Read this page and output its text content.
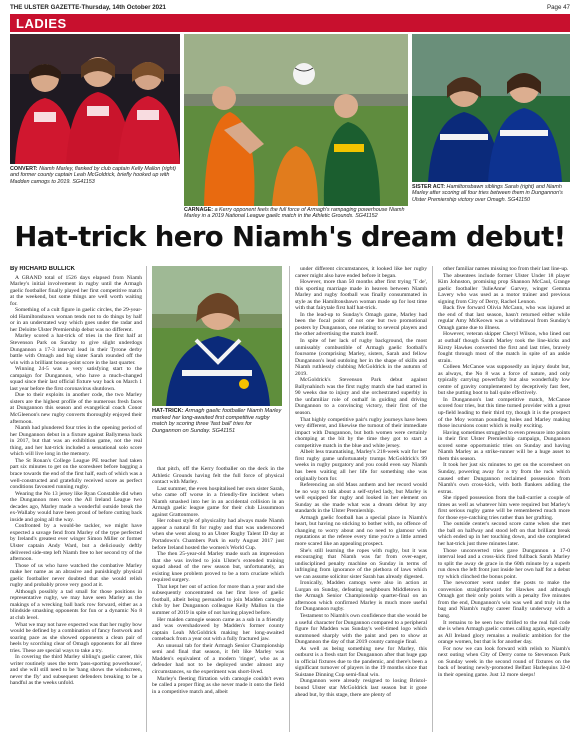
THE ULSTER GAZETTE-Thursday, 14th October 2021	Page 47
LADIES
CONVERT: Niamh Marley, flanked by club captain Kelly Mallon (right) and former county captain Leah McGoldrick, briefly hooked up with Madden camogs to 2019. SG41153
CARNAGE: a Kerry opponent feels the full force of Armagh's rampaging powerhouse Niamh Marley in a 2019 National League gaelic match in the Athletic Grounds. SG41152
SISTER ACT: Hamiltonsbawn siblings Sarah (right) and Niamh Marley after scoring all four tries between them in Dungannon's Ulster Premiership victory over Omagh. SG41150
Hat-trick hero Niamh's dream debut!

By RICHARD BULLICK

A GRAND total of 1526 days elapsed from Niamh Marley's initial involvement in rugby until the Armagh gaelic footballer finally played her first competitive match at the weekend, but some things are well worth waiting for.

Something of a cult figure in gaelic circles, the 29-year-old Hamiltonsbawn woman tends not to do things by half or in an understated way which goes under the radar and her Deloitte Ulster Premiership debut was no different.

Marley scored a hat-trick of tries in the first half at Stevenson Park on Sunday to give slight underdogs Dungannon a 17-3 interval lead in their Tyrone derby battle with Omagh and big sister Sarah rounded off the win with a brilliant bonus-point score in the last quarter.

Winning 24-5 was a very satisfying start to the campaign for Dungannon, who have a much-changed squad since their last official fixture way back on March 1 last year before the first coronavirus shutdown.

Due to their exploits in another code, the two Marley sisters are the highest profile of the numerous fresh faces at Dungannon this season and evangelical coach Conor McGleenon's new rugby converts thoroughly enjoyed their afternoon.

Niamh had plundered four tries in the opening period of her Dungannon debut in a fixture against Ballymena back in 2017, but that was an exhibition game, not the real thing, and her hat-trick included a sensational solo score which will live long in the memory.

The St Ronan's College League PE teacher had taken part six minutes to get on the scoresheet before bagging a brace towards the end of the first half, each of which was a well-constructed and gratefully received score as perfect conditions favoured running rugby.

Wearing the No 13 jersey like Ryan Constable did when the Dungannon men won the All Ireland League two decades ago, Marley made a wonderful outside break the ex-Wallaby would have been proud of before cutting back inside and going all the way.

Confronted by a would-be tackler, we might have expected a savage fend from Marley of the type perfected by Ireland's greatest ever winger Simon Miller or former Ulster captain Andy Ward, but a deliciously deftly delivered side-step left Niamh free to her second try of the afternoon.

Those of us who have watched the combative Marley make her name as an abrasive and punishingly physical gaelic footballer never doubted that she would relish rugby and probably prove very good at it.

Although possibly a tad small for those positions in representative rugby, we may have seen Marley as the makings of a wrecking ball back row forward, either as a blindside smashing opponents for fun or a dynamic No 8 at club level.

What we may not have expected was that her rugby bow would be defined by a combination of fancy footwork and soaring pace as she showed opponents a clean pair of heels by scorching clear of Omagh opponents for all three tries. These are special ways to take a try.

In covering the third Marley sibling's gaelic career, this writer routinely uses the term 'pass-sporting powerhouse', and she will still need to be 'bang shows the windscreen, never the fly' and subsequent defenders breaking to be a handful as the weeks unfold.

HAT-TRICK: Armagh gaelic footballer Niamh Marley marked her long-awaited first competitive rugby match by scoring three 'fast ball' tries for Dungannon on Sunday. SG41151

that pitch, off the Kerry footballer on the deck in the Athletic Grounds having felt the full force of physical contact with Marley.

Last summer, the even hospitalised her own sister Sarah, who came off worse in a friendly-fire incident when Niamh smashed into her in an accidental collision in an Armagh gaelic league game for their club Lissummon against Grattonmore.

Her robust style of physicality had always made Niamh appear a natural fit for rugby and that was underscored when she went along to an Ulster Rugby Talent ID day at Portadown's Chambers Park in early August 2017 just before Ireland hosted the women's World Cup.

The then 25-year-old Marley made such an impression that she was invited to join Ulster's extended training squad ahead of the new season but, unfortunately, an existing knee problem proved to be a torn cruciate which required surgery.

That kept her out of action for more than a year and she subsequently concentrated on her first love of gaelic football, albeit being persuaded to join Madden camogie club by her Dungannon colleague Kelly Mallon in the summer of 2019 in spite of not having played before.

Her maiden camogie season came as a sub in a friendly and was overshadowed by Madden's former county captain Leah McGoldrick making her long-awaited comeback from a year out with a fully fractured jaw.

An unusual tab for their Armagh Senior Championship semi and final that season, it felt like Marley was Madden's equivalent of a modern 'ringer', who as a defender had not to be deployed under almost any circumstances, so the experiment was short-lived.

Marley's fleeting flirtation with camogie couldn't even be called a proper fling as she never made it onto the field in a competitive match and, albeit

under different circumstances, it looked like her rugby career might also have ended before it began.

However, more than 50 months after first trying 'T de', this sporting marriage made in heaven between Niamh Marley and rugby football was finally consummated in style as the Hamiltonsbawn woman made up for lost time with that fairytale first half hat-trick.

In the lead-up to Sunday's Omagh game, Marley had been the focal point of not one but two promotional posters by Dungannon, one relating to several players and the other advertising the match itself.

In spite of her lack of rugby background, the most unmissably combustible of Armagh gaelic football's foursome (comprising Marley, sisters, Sarah and fellow Dungannon's lead outdoing her in the shape of skills and Niamh ruthlessly clubbing McGoldrick in the autumn of 2019.

McGoldrick's Stevenson Park debut against Ballynahinch was the first rugby match she had started in 90 weeks due to injury and she orchestrated superbly in the unfamiliar role of outhalf in guiding and driving Dungannon to a convincing victory, their first of the season.

That highly competitive pair's rugby journeys have been very different, and likewise the turnout of their immediate impact with Dungannon, but both women were certainly chomping at the bit by the time they got to start a competitive match in the blue and white jersey.

Albeit less traumatising, Marley's 218-week wait for her first rugby game unfortunately trumps McGoldrick's 99 weeks in rugby purgatory and you could even say Niamh has been waiting all her life for something she was originally born for.

Referencing an old Mass anthem and her record would be no way to talk about a self-styled lady, but Marley is well equipped for rugby and looked in her element on Sunday as she made what was a dream debut by any standards in the Ulster Premiership.

Armagh gaelic football has a special place in Niamh's heart, but having no sticking to bother with, no offence of changing to worry about and no need to glamour with reputations at the referee every time you're a little armed more scared like an appealing prospect.

She's still learning the ropes with rugby, but it was encouraging that Niamh was far from over-eager, undisciplined penalty machine on Sunday in terms of infringing from ignorance of the plethora of laws which we can assume solicitor sister Sarah has already digested.

Ironically, Madden camogs were also in action at Lurgan on Sunday, defeating neighbours Middletown in the Armagh Senior Championship quarter-final on an afternoon which confirmed Marley is much more useful for Dungannon rugby.

Testament to Niamh's own confidence that she would be a useful character for Dungannon compared to a peripheral figure for Madden was Sunday's well-timed logo which summoned sharply with the paint and pen to show at Dungannon the day of that 2019 county camogie final.

As well as being something new for Marley, this outburst is a fresh start for Dungannon after that huge gap in official fixtures due to the pandemic, and there's been a significant turnover of players in the 19 months since that Suistane Dinning Cup semi-final win.

Dungannon were already resigned to losing Bristol-bound Ulster star McGoldrick last season but it gone ahead but, by this stage, there are plenty of

other familiar names missing too from their last line-up.

The absentees include former Ulster Under 18 player Kim Johnston, promising prop Shannon McCaul, Grange gaelic footballer 'JulieAnne' Garvey, winger Gemma Lavery who was used as a motor trainer and previous signing from City of Derry, Rachel Lennon.

Back five forward Olivia McCann, who was injured at the end of that last season, hasn't returned either while regular Amy McKeown was a withdrawal from Sunday's Omagh game due to illness.

However, veteran skipper Cheryl Wilson, who lined out at outhalf though Sarah Marley took the line-kicks and Kirsty Hawkes converted the first and last tries, bravely fought through most of the match in spite of an ankle strain.

Colleen McCanoe was supposedly an injury doubt but, as always, the No 8 was a force of nature, and only typically carrying powerfully but also wonderfully low centre of gravity complemented by deceptively fast feet, but she putting boot to ball quite effectively.

In Dungannon's last competitive match, McCanoe scored four tries, but this time turned provider with a great up-field leading to their third try, though it is the prospect of the Moy woman pounding holes and Marley making those incursions count which is really exciting.

Having sometimes struggled to even pressure into points in their first Ulster Premiership campaign, Dungannon scored some opportunistic tries on Sunday and having Niamh Marley as a strike-runner will be a huge asset to them this season.

It took her just six minutes to get on the scoresheet on Sunday, powering away for a try from the ruck which caused other Dungannon reclaimed possession from Niamh's own cross-kick, with both flankers adding the extras.

She ripped possession from the ball-carrier a couple of times as well as whatever him were required but Marley's first serious rugby game will be remembered much more for those eye-catching tries rather than her grafting.

The outside center's second score came when she met the ball on halfway and stood left on that brilliant break which ended up in her touching down, and she completed her hat-trick just three minutes later.

Those unconverted tries gave Dungannon a 17-0 interval lead and a cross-kick fired fullback Sarah Marley to split the away de grace in the 60th minute by a superb run down the left front just inside her own half for a debut try which clinched the bonus point.

The newcomer went under the posts to make the conversion straightforward for Hawkes and although Omagh got their only points with a penalty five minutes from the end, Dungannon's win was well and truly in the bag and Niamh's rugby career finally underway with a bang.

It remains to be seen how thrilled to the real full code she is when Armagh gaelic comes calling again, especially as All Ireland glory remains a realistic ambition for the orange women, but that is for another day.

For now we can look forward with relish to Niamh's next outing when City of Derry come to Stevenson Park on Sunday week in the second round of fixtures on the back of beating newly-promoted Belfast Harlequins 32-0 in their opening game. Just 12 more sleeps!
